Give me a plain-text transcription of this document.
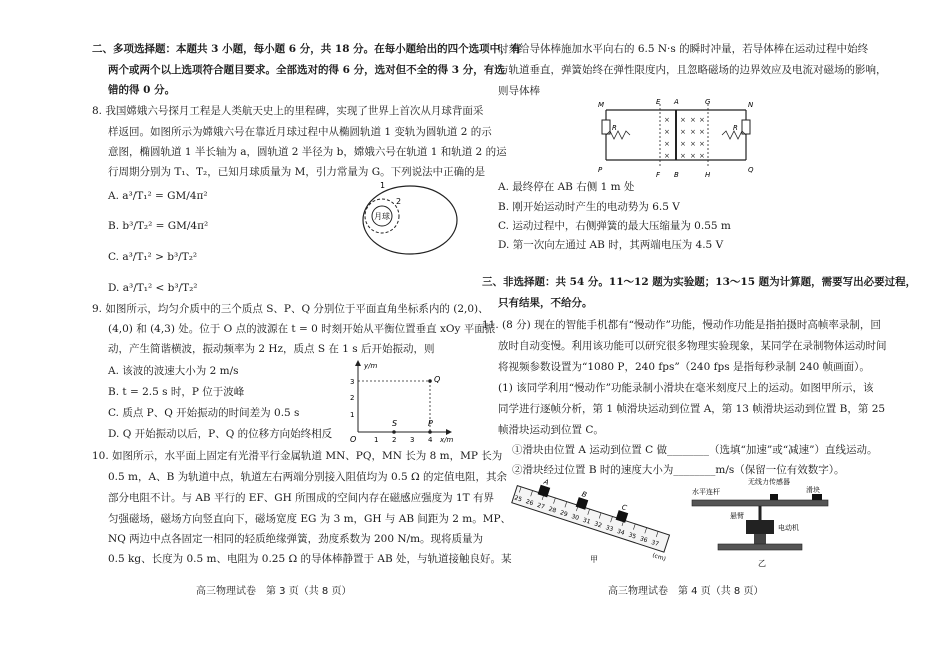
二、多项选择题：本题共 3 小题，每小题 6 分，共 18 分。在每小题给出的四个选项中，有
两个或两个以上选项符合题目要求。全部选对的得 6 分，选对但不全的得 3 分，有选
错的得 0 分。
8. 我国嫦娥六号探月工程是人类航天史上的里程碑，实现了世界上首次从月球背面采
样返回。如图所示为嫦娥六号在靠近月球过程中从椭圆轨道 1 变轨为圆轨道 2 的示
意图，椭圆轨道 1 半长轴为 a，圆轨道 2 半径为 b，嫦娥六号在轨道 1 和轨道 2 的运
行周期分别为 T₁、T₂，已知月球质量为 M，引力常量为 G。下列说法中正确的是
A. a³/T₁² = GM/4π²
B. b³/T₂² = GM/4π²
C. a³/T₁² > b³/T₂²
D. a³/T₁² < b³/T₂²
月球
1
2
9. 如图所示，均匀介质中的三个质点 S、P、Q 分别位于平面直角坐标系内的 (2,0)、
(4,0) 和 (4,3) 处。位于 O 点的波源在 t = 0 时刻开始从平衡位置垂直 xOy 平面振
动，产生简谐横波，振动频率为 2 Hz，质点 S 在 1 s 后开始振动，则
A. 该波的波速大小为 2 m/s
B. t = 2.5 s 时，P 位于波峰
C. 质点 P、Q 开始振动的时间差为 0.5 s
D. Q 开始振动以后，P、Q 的位移方向始终相反
y/m
x/m
O
S	P
Q
1 2 3 4
1
2
3
10. 如图所示，水平面上固定有光滑平行金属轨道 MN、PQ，MN 长为 8 m，MP 长为
0.5 m，A、B 为轨道中点，轨道左右两端分别接入阻值均为 0.5 Ω 的定值电阻，其余
部分电阻不计。与 AB 平行的 EF、GH 所围成的空间内存在磁感应强度为 1T 有界
匀强磁场，磁场方向竖直向下，磁场宽度 EG 为 3 m，GH 与 AB 间距为 2 m。MP、
NQ 两边中点各固定一相同的轻质绝缘弹簧，劲度系数为 200 N/m。现将质量为
0.5 kg、长度为 0.5 m、电阻为 0.25 Ω 的导体棒静置于 AB 处，与轨道接触良好。某
高三物理试卷　第 3 页（共 8 页）
时刻给导体棒施加水平向右的 6.5 N·s 的瞬时冲量，若导体棒在运动过程中始终
与轨道垂直，弹簧始终在弹性限度内，且忽略磁场的边界效应及电流对磁场的影响，
则导体棒
× × × ×
× × × ×
× × × ×
× × × ×
M	N
P	Q
E A	G
F B	H
R	R
A. 最终停在 AB 右侧 1 m 处
B. 刚开始运动时产生的电动势为 6.5 V
C. 运动过程中，右侧弹簧的最大压缩量为 0.55 m
D. 第一次向左通过 AB 时，其两端电压为 4.5 V
三、非选择题：共 54 分。11～12 题为实验题；13～15 题为计算题，需要写出必要过程，
只有结果，不给分。
11. (8 分) 现在的智能手机都有“慢动作”功能，慢动作功能是指拍摄时高帧率录制，回
放时自动变慢。利用该功能可以研究很多物理实验现象，某同学在录制物体运动时间
将视频参数设置为“1080 P，240 fps”（240 fps 是指每秒录制 240 帧画面）。
(1) 该同学利用“慢动作”功能录制小滑块在毫米刻度尺上的运动。如图甲所示，该
同学进行逐帧分析，第 1 帧滑块运动到位置 A，第 13 帧滑块运动到位置 B，第 25
帧滑块运动到位置 C。
①滑块由位置 A 运动到位置 C 做________（选填“加速”或“减速”）直线运动。
②滑块经过位置 B 时的速度大小为________m/s（保留一位有效数字）。
A
B
C
25 26 27 28 29 30 31 32 33 34 35 36 37
(cm)
甲
无线力传感器
滑块
水平连杆
悬臂
电动机
乙
高三物理试卷　第 4 页（共 8 页）
